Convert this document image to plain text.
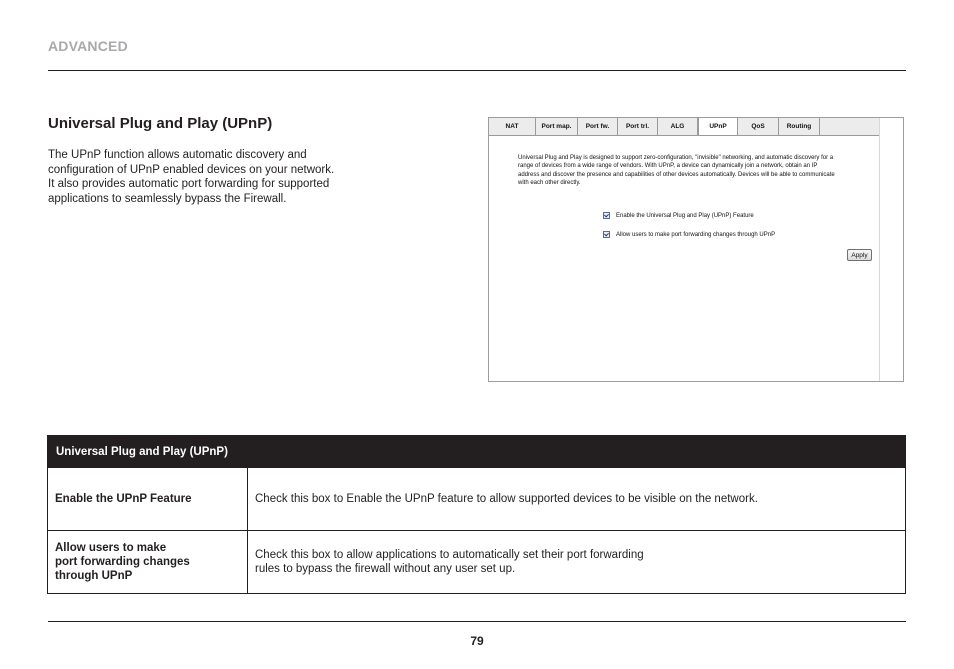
ADVANCED
Universal Plug and Play (UPnP)
The UPnP function allows automatic discovery and
configuration of UPnP enabled devices on your network.
It also provides automatic port forwarding for supported
applications to seamlessly bypass the Firewall.
NAT	Port map.	Port fw.	Port trl.	ALG	UPnP	QoS	Routing
Universal Plug and Play is designed to support zero-configuration, "invisible" networking, and automatic discovery for a
range of devices from a wide range of vendors. With UPnP, a device can dynamically join a network, obtain an IP
address and discover the presence and capabilities of other devices automatically. Devices will be able to communicate
with each other directly.
Enable the Universal Plug and Play (UPnP) Feature
Allow users to make port forwarding changes through UPnP
Apply
Universal Plug and Play (UPnP)	

Enable the UPnP Feature	Check this box to Enable the UPnP feature to allow supported devices to be visible on the network.

Allow users to make
port forwarding changes
through UPnP	Check this box to allow applications to automatically set their port forwarding
rules to bypass the firewall without any user set up.
79
